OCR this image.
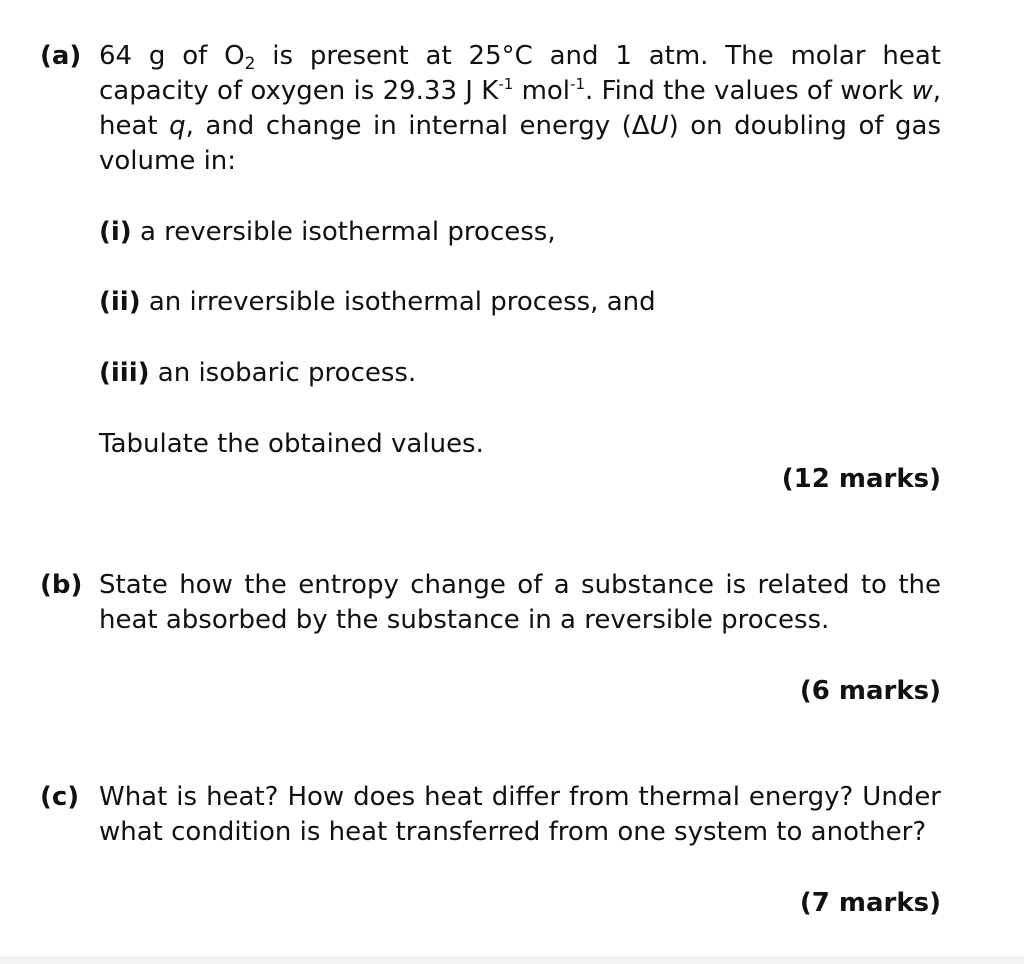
(a) 64 g of O2 is present at 25°C and 1 atm. The molar heat capacity of oxygen is 29.33 J $K^{-1}$ mol$^{-1}$. Find the values of work w, heat q, and change in internal energy (ΔU) on doubling of gas volume in:
(i) a reversible isothermal process,
(ii) an irreversible isothermal process, and
(iii) an isobaric process.
Tabulate the obtained values.
(12 marks)
(b) State how the entropy change of a substance is related to the heat absorbed by the substance in a reversible process.
(6 marks)
(c) What is heat? How does heat differ from thermal energy? Under what condition is heat transferred from one system to another?
(7 marks)
